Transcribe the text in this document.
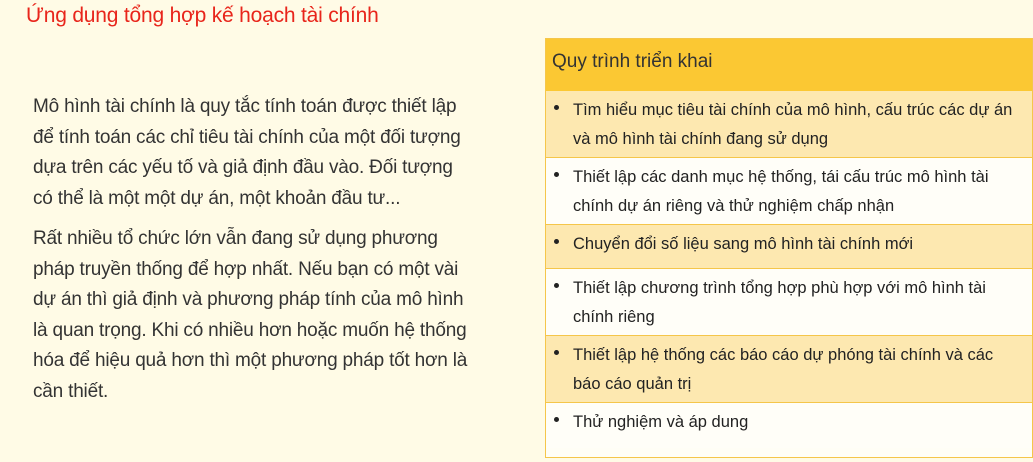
Ứng dụng tổng hợp kế hoạch tài chính

Mô hình tài chính là quy tắc tính toán được thiết lập để tính toán các chỉ tiêu tài chính của một đối tượng dựa trên các yếu tố và giả định đầu vào. Đối tượng có thể là một một dự án, một khoản đầu tư...

Rất nhiều tổ chức lớn vẫn đang sử dụng phương pháp truyền thống để hợp nhất. Nếu bạn có một vài dự án thì giả định và phương pháp tính của mô hình là quan trọng. Khi có nhiều hơn hoặc muốn hệ thống hóa để hiệu quả hơn thì một phương pháp tốt hơn là cần thiết.

Quy trình triển khai
Tìm hiểu mục tiêu tài chính của mô hình, cấu trúc các dự án và mô hình tài chính đang sử dụng
Thiết lập các danh mục hệ thống, tái cấu trúc mô hình tài chính dự án riêng và thử nghiệm chấp nhận
Chuyển đổi số liệu sang mô hình tài chính mới
Thiết lập chương trình tổng hợp phù hợp với mô hình tài chính riêng
Thiết lập hệ thống các báo cáo dự phóng tài chính và các báo cáo quản trị
Thử nghiệm và áp dung
